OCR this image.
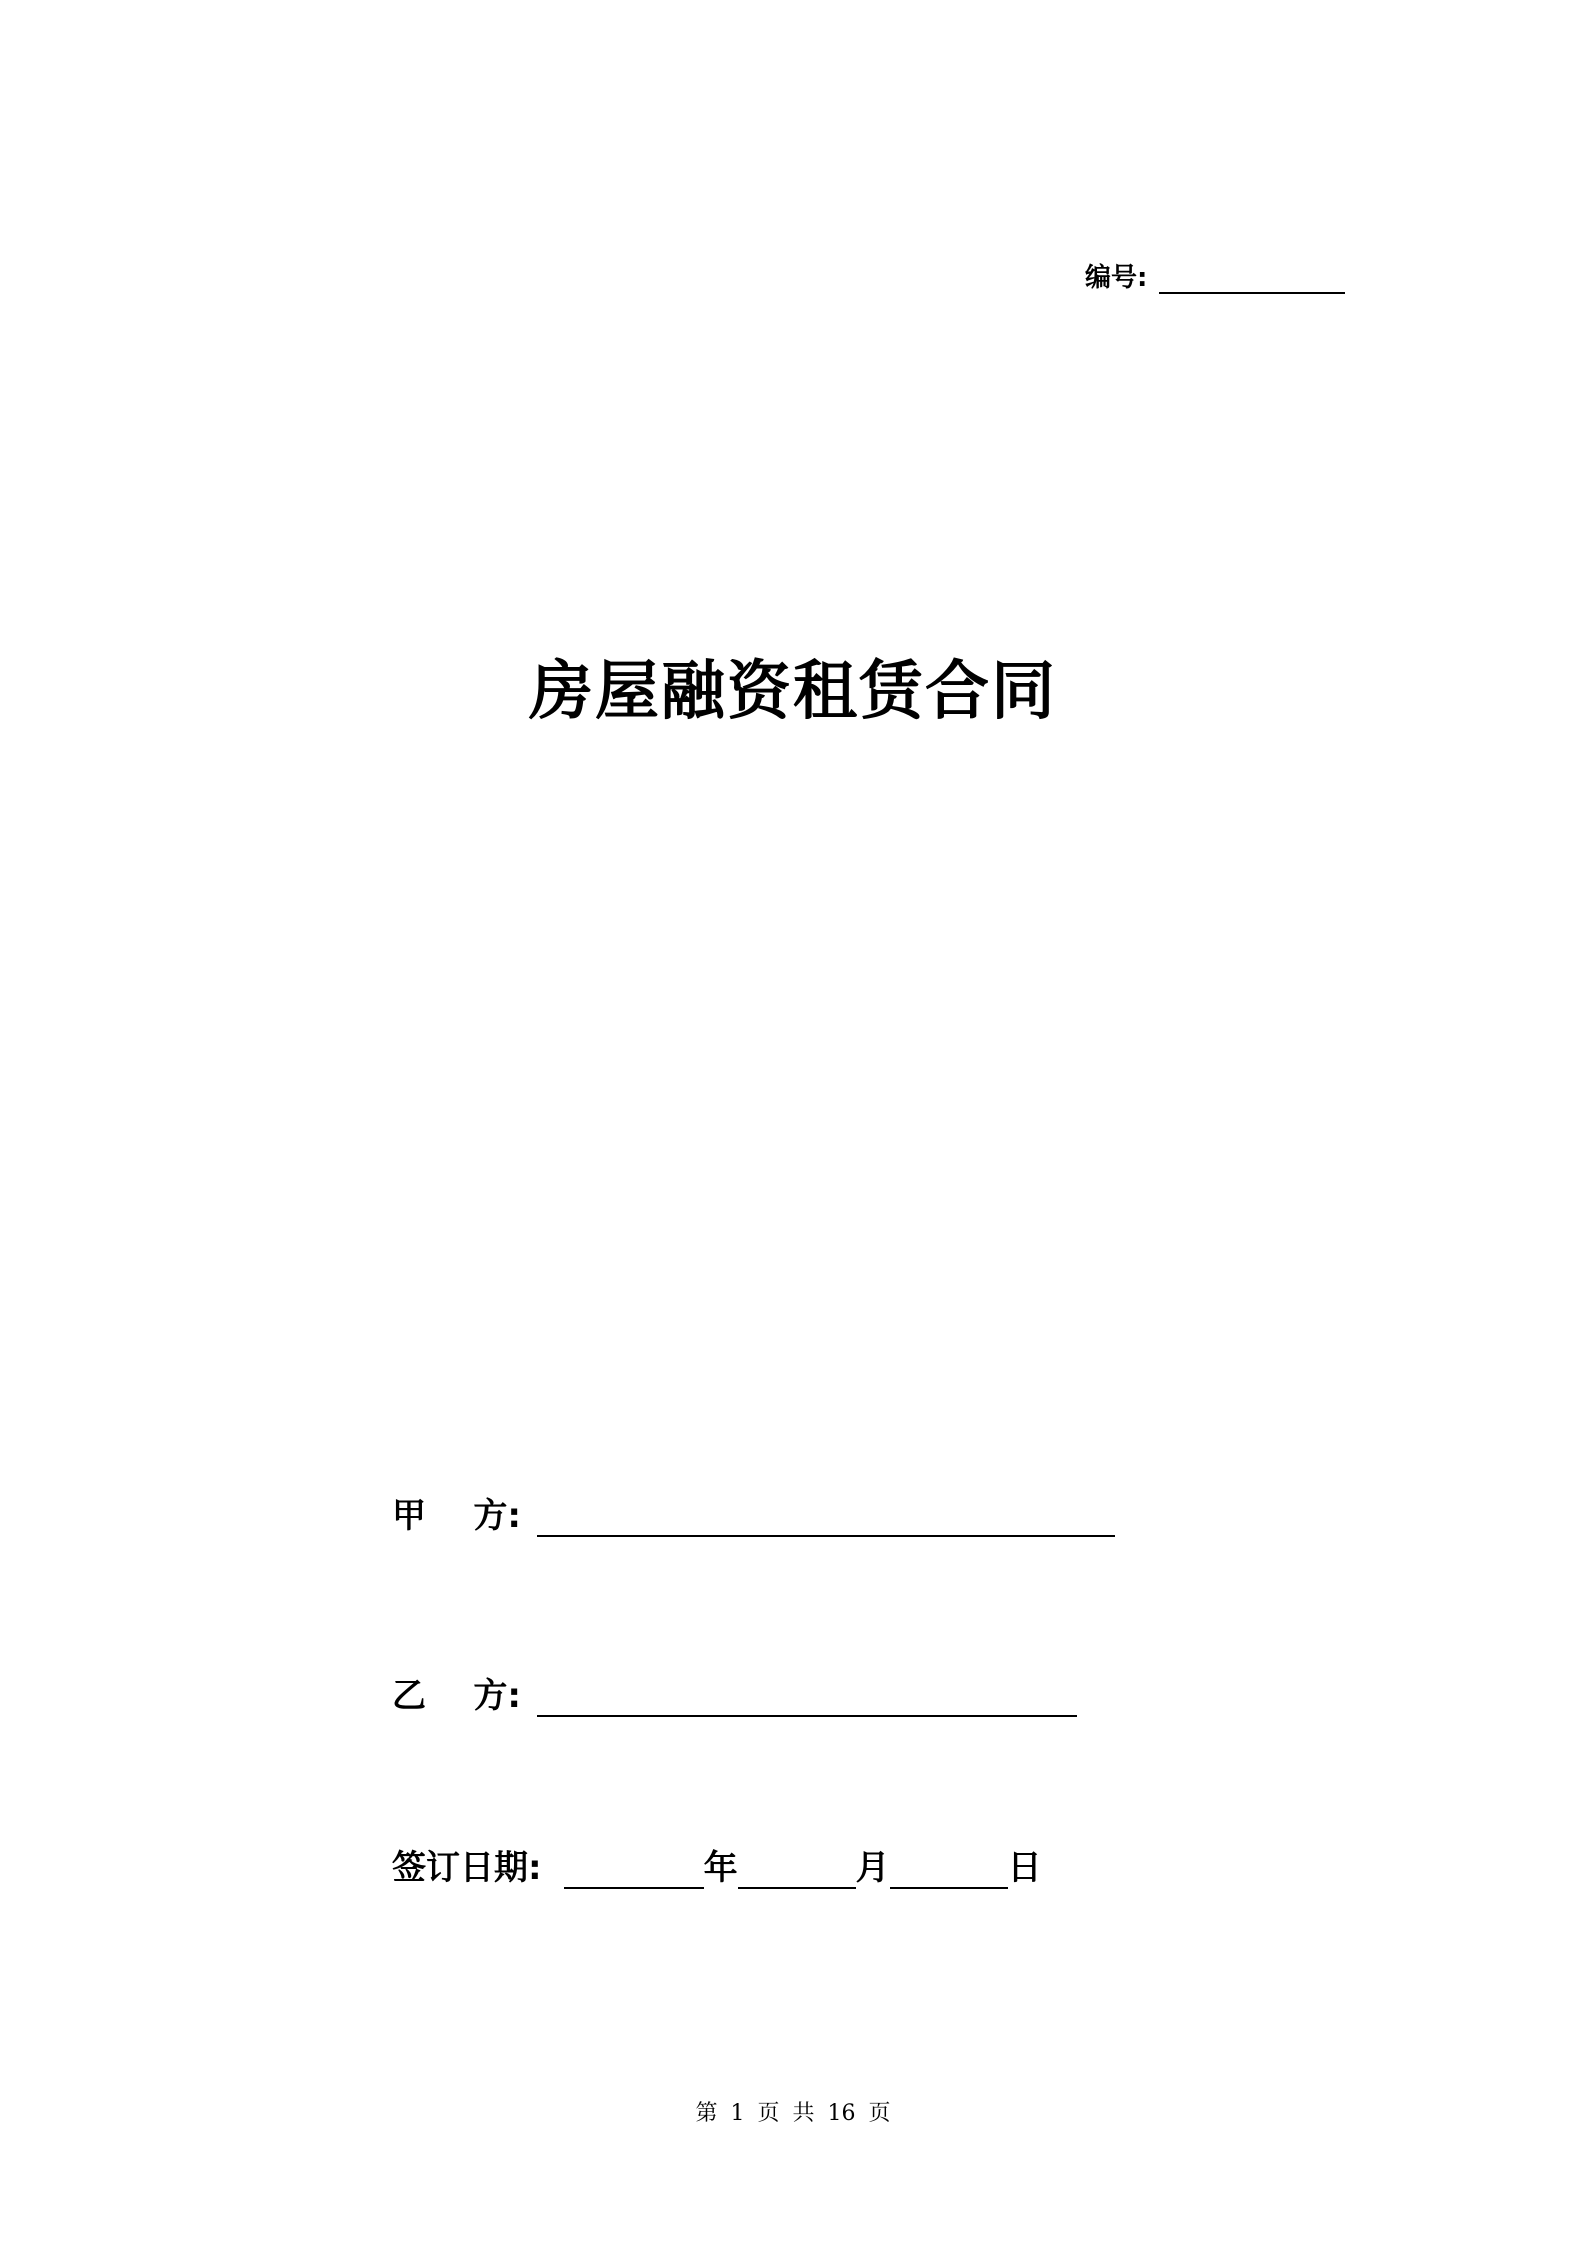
编号:
房屋融资租赁合同
甲    方:
乙    方:
签订日期:	年	月	日
第 1 页 共 16 页
